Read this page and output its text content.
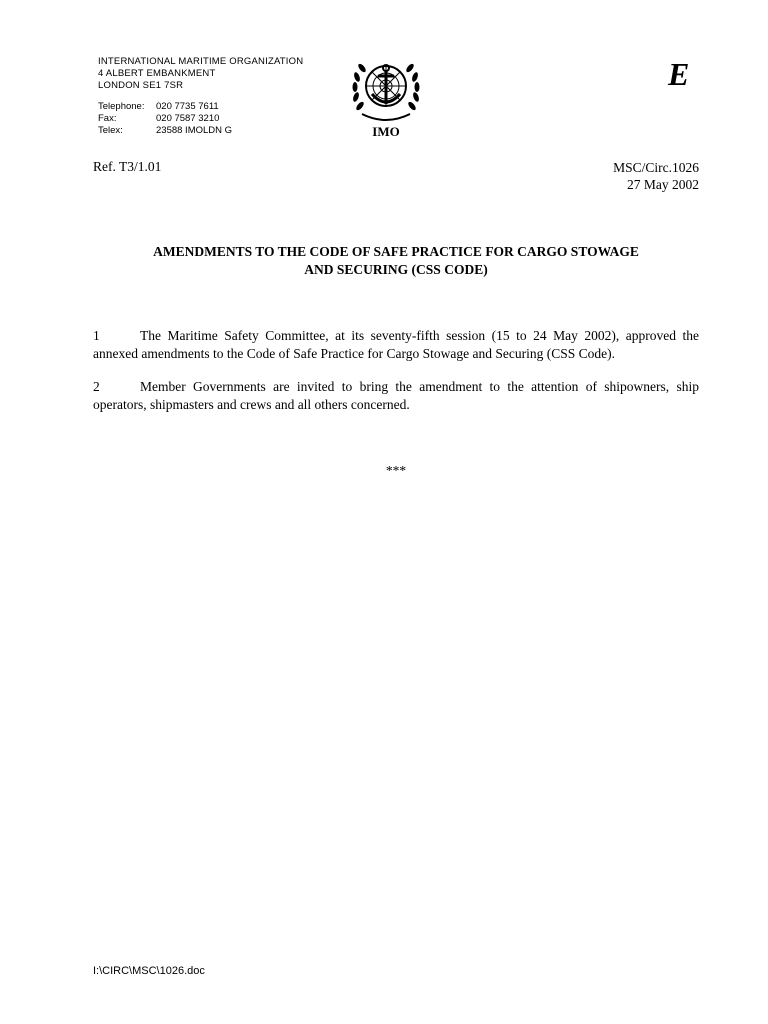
INTERNATIONAL MARITIME ORGANIZATION
4 ALBERT EMBANKMENT
LONDON SE1 7SR
Telephone:	020 7735 7611
Fax:	020 7587 3210
Telex:	23588 IMOLDN G	IMO
E
Ref. T3/1.01	MSC/Circ.1026
27 May 2002
AMENDMENTS TO THE CODE OF SAFE PRACTICE FOR CARGO STOWAGE
AND SECURING (CSS CODE)
1	The Maritime Safety Committee, at its seventy-fifth session (15 to 24 May 2002), approved the annexed amendments to the Code of Safe Practice for Cargo Stowage and Securing (CSS Code).
2	Member Governments are invited to bring the amendment to the attention of shipowners, ship operators, shipmasters and crews and all others concerned.
***
I:\CIRC\MSC\1026.doc
